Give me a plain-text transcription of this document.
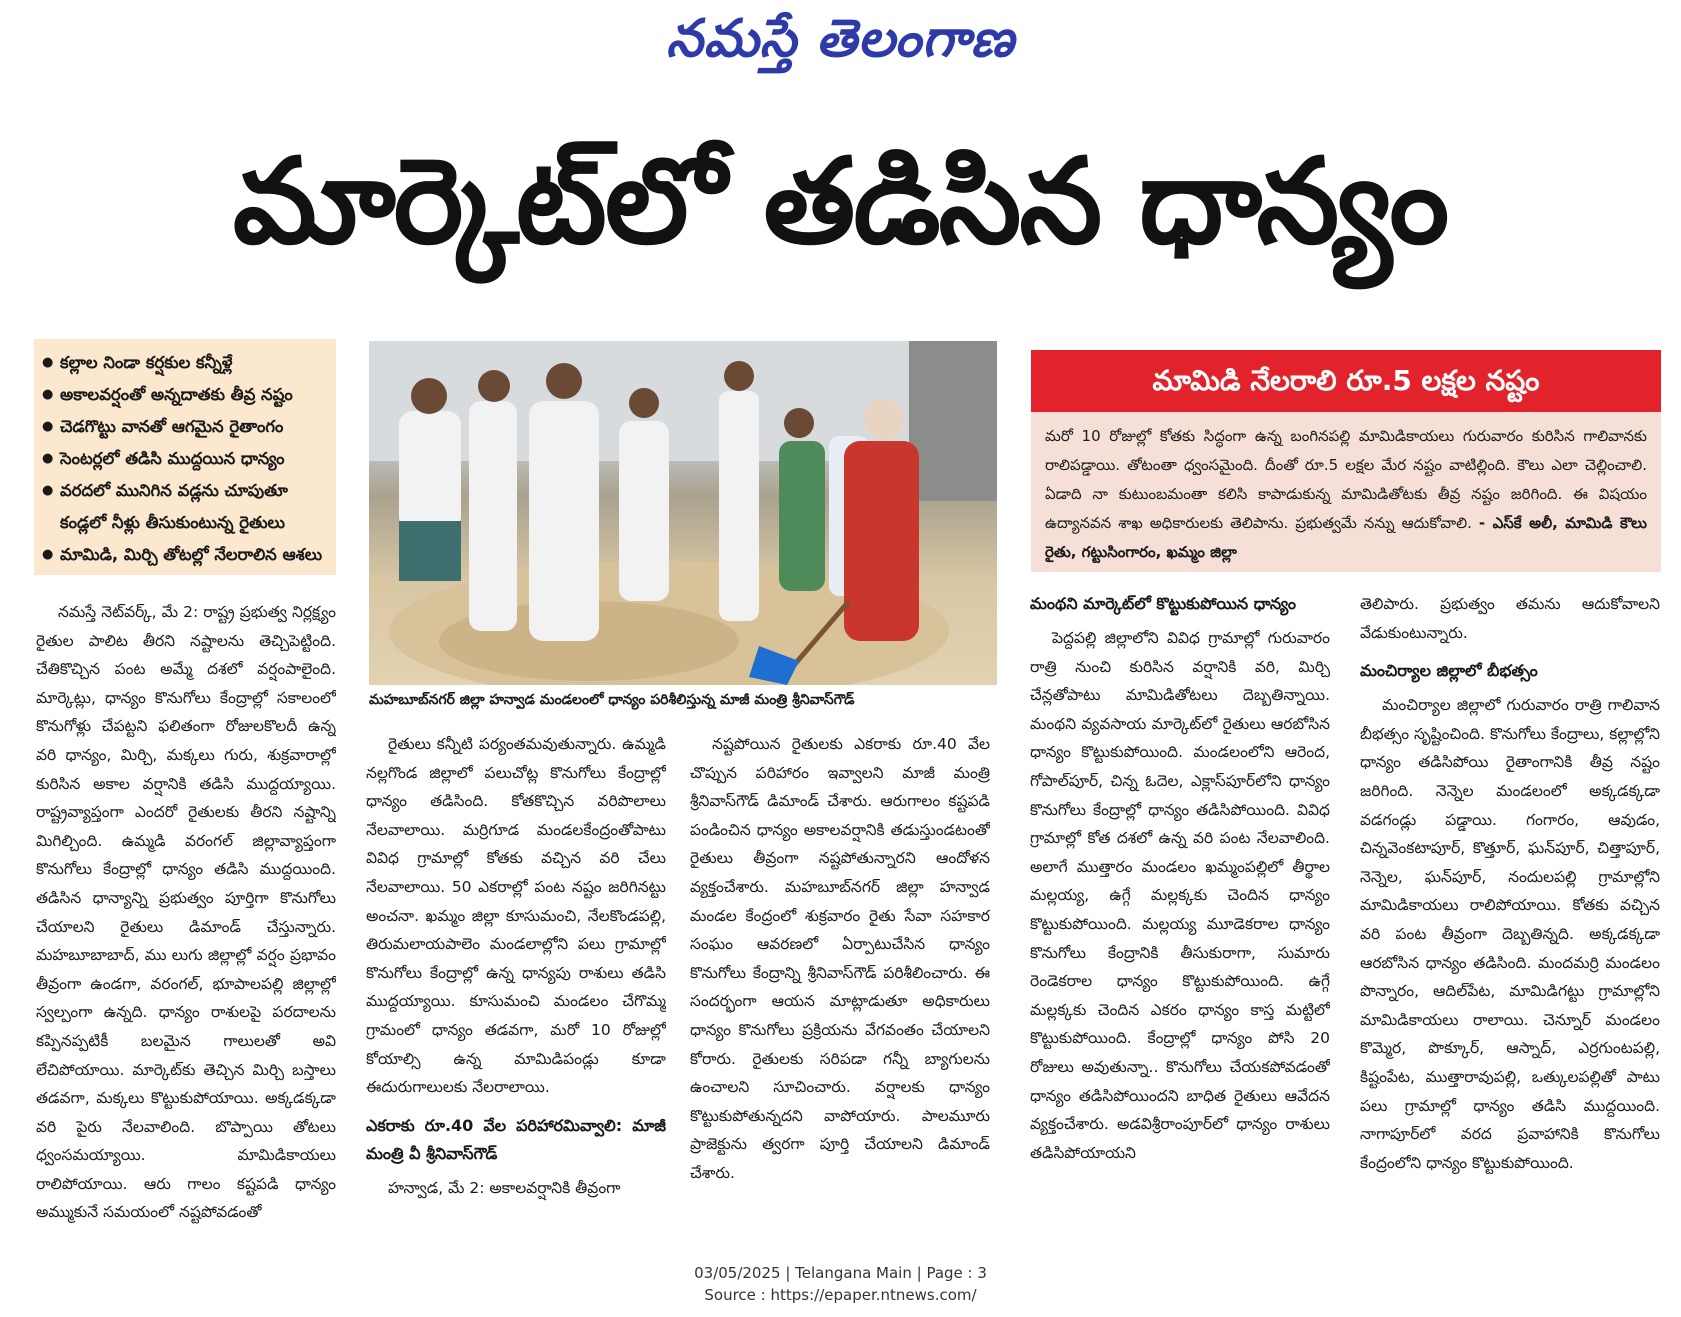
నమస్తే తెలంగాణ
మార్కెట్‌లో తడిసిన ధాన్యం
● కల్లాల నిండా కర్షకుల కన్నీళ్లే
● అకాలవర్షంతో అన్నదాతకు తీవ్ర నష్టం
● చెడగొట్టు వానతో ఆగమైన రైతాంగం
● సెంటర్లలో తడిసి ముద్దయిన ధాన్యం
● వరదలో మునిగిన వడ్లను చూపుతూ
కండ్లలో నీళ్లు తీసుకుంటున్న రైతులు
● మామిడి, మిర్చి తోటల్లో నేలరాలిన ఆశలు
మహబూబ్‌నగర్‌ జిల్లా హన్వాడ మండలంలో ధాన్యం పరిశీలిస్తున్న మాజీ మంత్రి శ్రీనివాస్‌గౌడ్‌
మామిడి నేలరాలి రూ.5 లక్షల నష్టం
మరో 10 రోజుల్లో కోతకు సిద్ధంగా ఉన్న బంగినపల్లి మామిడికాయలు గురువారం కురిసిన గాలివానకు రాలిపడ్డాయి. తోటంతా ధ్వంసమైంది. దీంతో రూ.5 లక్షల మేర నష్టం వాటిల్లింది. కౌలు ఎలా చెల్లించాలి. ఏడాది నా కుటుంబమంతా కలిసి కాపాడుకున్న మామిడితోటకు తీవ్ర నష్టం జరిగింది. ఈ విషయం ఉద్యానవన శాఖ అధికారులకు తెలిపాను. ప్రభుత్వమే నన్ను ఆదుకోవాలి. - ఎస్‌కే అలీ, మామిడి కౌలు రైతు, గట్టుసింగారం, ఖమ్మం జిల్లా

నమస్తే నెట్‌వర్క్‌, మే 2: రాష్ట్ర ప్రభుత్వ నిర్లక్ష్యం రైతుల పాలిట తీరని నష్టాలను తెచ్చిపెట్టింది. చేతికొచ్చిన పంట అమ్మే దశలో వర్షంపాలైంది. మార్కెట్లు, ధాన్యం కొనుగోలు కేంద్రాల్లో సకాలంలో కొనుగోళ్లు చేపట్టని ఫలితంగా రోజులకొలదీ ఉన్న వరి ధాన్యం, మిర్చి, మక్కలు గురు, శుక్రవారాల్లో కురిసిన అకాల వర్షానికి తడిసి ముద్దయ్యాయి. రాష్ట్రవ్యాప్తంగా ఎందరో రైతులకు తీరని నష్టాన్ని మిగిల్చింది. ఉమ్మడి వరంగల్‌ జిల్లావ్యాప్తంగా కొనుగోలు కేంద్రాల్లో ధాన్యం తడిసి ముద్దయింది. తడిసిన ధాన్యాన్ని ప్రభుత్వం పూర్తిగా కొనుగోలు చేయాలని రైతులు డిమాండ్‌ చేస్తున్నారు. మహబూబాబాద్‌, ము లుగు జిల్లాల్లో వర్షం ప్రభావం తీవ్రంగా ఉండగా, వరంగల్‌, భూపాలపల్లి జిల్లాల్లో స్వల్పంగా ఉన్నది. ధాన్యం రాశులపై పరదాలను కప్పినప్పటికీ బలమైన గాలులతో అవి లేచిపోయాయి. మార్కెట్‌కు తెచ్చిన మిర్చి బస్తాలు తడవగా, మక్కలు కొట్టుకుపోయాయి. అక్కడక్కడా వరి పైరు నేలవాలింది. బొప్పాయి తోటలు ధ్వంసమయ్యాయి. మామిడికాయలు రాలిపోయాయి. ఆరు గాలం కష్టపడి ధాన్యం అమ్ముకునే సమయంలో నష్టపోవడంతో

రైతులు కన్నీటి పర్యంతమవుతున్నారు. ఉమ్మడి నల్లగొండ జిల్లాలో పలుచోట్ల కొనుగోలు కేంద్రాల్లో ధాన్యం తడిసింది. కోతకొచ్చిన వరిపొలాలు నేలవాలాయి. మర్రిగూడ మండలకేంద్రంతోపాటు వివిధ గ్రామాల్లో కోతకు వచ్చిన వరి చేలు నేలవాలాయి. 50 ఎకరాల్లో పంట నష్టం జరిగినట్టు అంచనా. ఖమ్మం జిల్లా కూసుమంచి, నేలకొండపల్లి, తిరుమలాయపాలెం మండలాల్లోని పలు గ్రామాల్లో కొనుగోలు కేంద్రాల్లో ఉన్న ధాన్యపు రాశులు తడిసి ముద్దయ్యాయి. కూసుమంచి మండలం చేగొమ్మ గ్రామంలో ధాన్యం తడవగా, మరో 10 రోజుల్లో కోయాల్సి ఉన్న మామిడిపండ్లు కూడా ఈదురుగాలులకు నేలరాలాయి.

ఎకరాకు రూ.40 వేల పరిహారమివ్వాలి: మాజీ మంత్రి వీ శ్రీనివాస్‌గౌడ్‌

హన్వాడ, మే 2: అకాలవర్షానికి తీవ్రంగా

నష్టపోయిన రైతులకు ఎకరాకు రూ.40 వేల చొప్పున పరిహారం ఇవ్వాలని మాజీ మంత్రి శ్రీనివాస్‌గౌడ్‌ డిమాండ్‌ చేశారు. ఆరుగాలం కష్టపడి పండించిన ధాన్యం అకాలవర్షానికి తడుస్తుండటంతో రైతులు తీవ్రంగా నష్టపోతున్నారని ఆందోళన వ్యక్తంచేశారు. మహబూబ్‌నగర్‌ జిల్లా హన్వాడ మండల కేంద్రంలో శుక్రవారం రైతు సేవా సహకార సంఘం ఆవరణలో ఏర్పాటుచేసిన ధాన్యం కొనుగోలు కేంద్రాన్ని శ్రీనివాస్‌గౌడ్‌ పరిశీలించారు. ఈ సందర్భంగా ఆయన మాట్లాడుతూ అధికారులు ధాన్యం కొనుగోలు ప్రక్రియను వేగవంతం చేయాలని కోరారు. రైతులకు సరిపడా గన్నీ బ్యాగులను ఉంచాలని సూచించారు. వర్షాలకు ధాన్యం కొట్టుకుపోతున్నదని వాపోయారు. పాలమూరు ప్రాజెక్టును త్వరగా పూర్తి చేయాలని డిమాండ్‌ చేశారు.

మంథని మార్కెట్‌లో కొట్టుకుపోయిన ధాన్యం

పెద్దపల్లి జిల్లాలోని వివిధ గ్రామాల్లో గురువారం రాత్రి నుంచి కురిసిన వర్షానికి వరి, మిర్చి చేన్లతోపాటు మామిడితోటలు దెబ్బతిన్నాయి. మంథని వ్యవసాయ మార్కెట్‌లో రైతులు ఆరబోసిన ధాన్యం కొట్టుకుపోయింది. మండలంలోని ఆరెంద, గోపాల్‌పూర్‌, చిన్న ఓదెల, ఎక్లాస్‌పూర్‌లోని ధాన్యం కొనుగోలు కేంద్రాల్లో ధాన్యం తడిసిపోయింది. వివిధ గ్రామాల్లో కోత దశలో ఉన్న వరి పంట నేలవాలింది. అలాగే ముత్తారం మండలం ఖమ్మంపల్లిలో తీర్థాల మల్లయ్య, ఉగ్గే మల్లక్కకు చెందిన ధాన్యం కొట్టుకుపోయింది. మల్లయ్య మూడెకరాల ధాన్యం కొనుగోలు కేంద్రానికి తీసుకురాగా, సుమారు రెండెకరాల ధాన్యం కొట్టుకుపోయింది. ఉగ్గే మల్లక్కకు చెందిన ఎకరం ధాన్యం కాస్త మట్టిలో కొట్టుకుపోయింది. కేంద్రాల్లో ధాన్యం పోసి 20 రోజులు అవుతున్నా.. కొనుగోలు చేయకపోవడంతో ధాన్యం తడిసిపోయిందని బాధిత రైతులు ఆవేదన వ్యక్తంచేశారు. అడవిశ్రీరాంపూర్‌లో ధాన్యం రాశులు తడిసిపోయాయని

తెలిపారు. ప్రభుత్వం తమను ఆదుకోవాలని వేడుకుంటున్నారు.

మంచిర్యాల జిల్లాలో బీభత్సం

మంచిర్యాల జిల్లాలో గురువారం రాత్రి గాలివాన బీభత్సం సృష్టించింది. కొనుగోలు కేంద్రాలు, కల్లాల్లోని ధాన్యం తడిసిపోయి రైతాంగానికి తీవ్ర నష్టం జరిగింది. నెన్నెల మండలంలో అక్కడక్కడా వడగండ్లు పడ్డాయి. గంగారం, ఆవుడం, చిన్నవెంకటాపూర్‌, కొత్తూర్‌, ఘన్‌పూర్‌, చిత్తాపూర్‌, నెన్నెల, ఘన్‌పూర్‌, నందులపల్లి గ్రామాల్లోని మామిడికాయలు రాలిపోయాయి. కోతకు వచ్చిన వరి పంట తీవ్రంగా దెబ్బతిన్నది. అక్కడక్కడా ఆరబోసిన ధాన్యం తడిసింది. మందమర్రి మండలం పొన్నారం, ఆదిల్‌పేట, మామిడిగట్టు గ్రామాల్లోని మామిడికాయలు రాలాయి. చెన్నూర్‌ మండలం కొమ్మెర, పొక్కూర్‌, ఆస్నాద్‌, ఎర్రగుంటపల్లి, కిష్టంపేట, ముత్తారావుపల్లి, ఒత్కులపల్లితో పాటు పలు గ్రామాల్లో ధాన్యం తడిసి ముద్దయింది. నాగాపూర్‌లో వరద ప్రవాహానికి కొనుగోలు కేంద్రంలోని ధాన్యం కొట్టుకుపోయింది.

03/05/2025 | Telangana Main | Page : 3
Source : https://epaper.ntnews.com/
